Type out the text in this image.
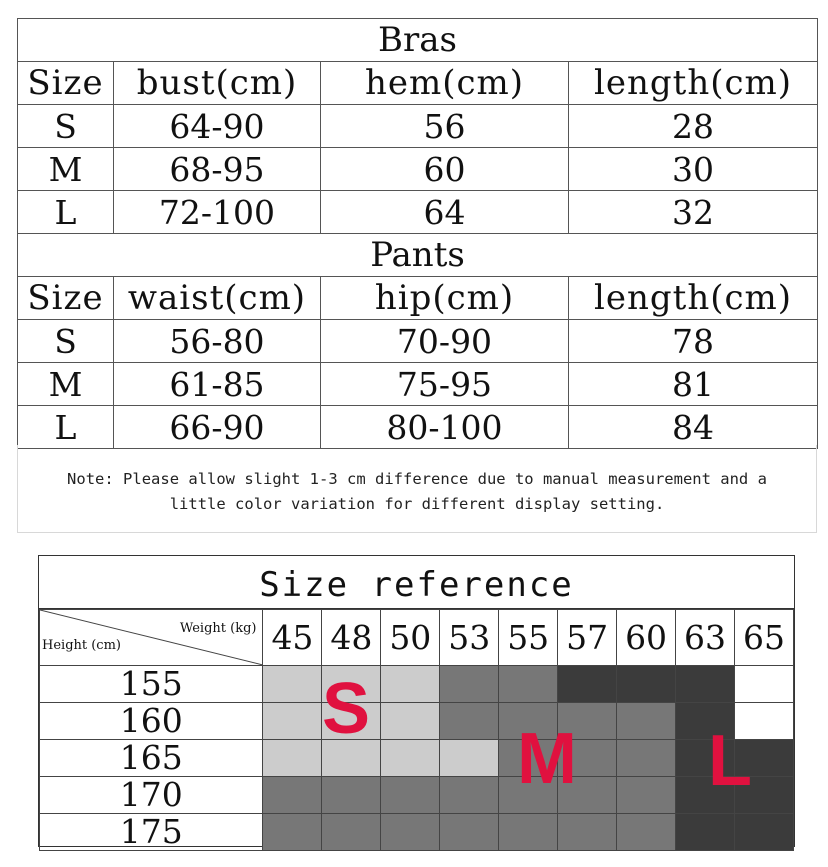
Bras			
Size	bust(cm)	hem(cm)	length(cm)
S	64-90	56	28
M	68-95	60	30
L	72-100	64	32
Pants			
Size	waist(cm)	hip(cm)	length(cm)
S	56-80	70-90	78
M	61-85	75-95	81
L	66-90	80-100	84
Note: Please allow slight 1-3 cm difference due to manual measurement and a
little color variation for different display setting.
Size reference
Weight (kg)
Height (cm)	45	48	50	53	55	57	60	63	65
155									
160									
165									
170									
175									
S
M L
